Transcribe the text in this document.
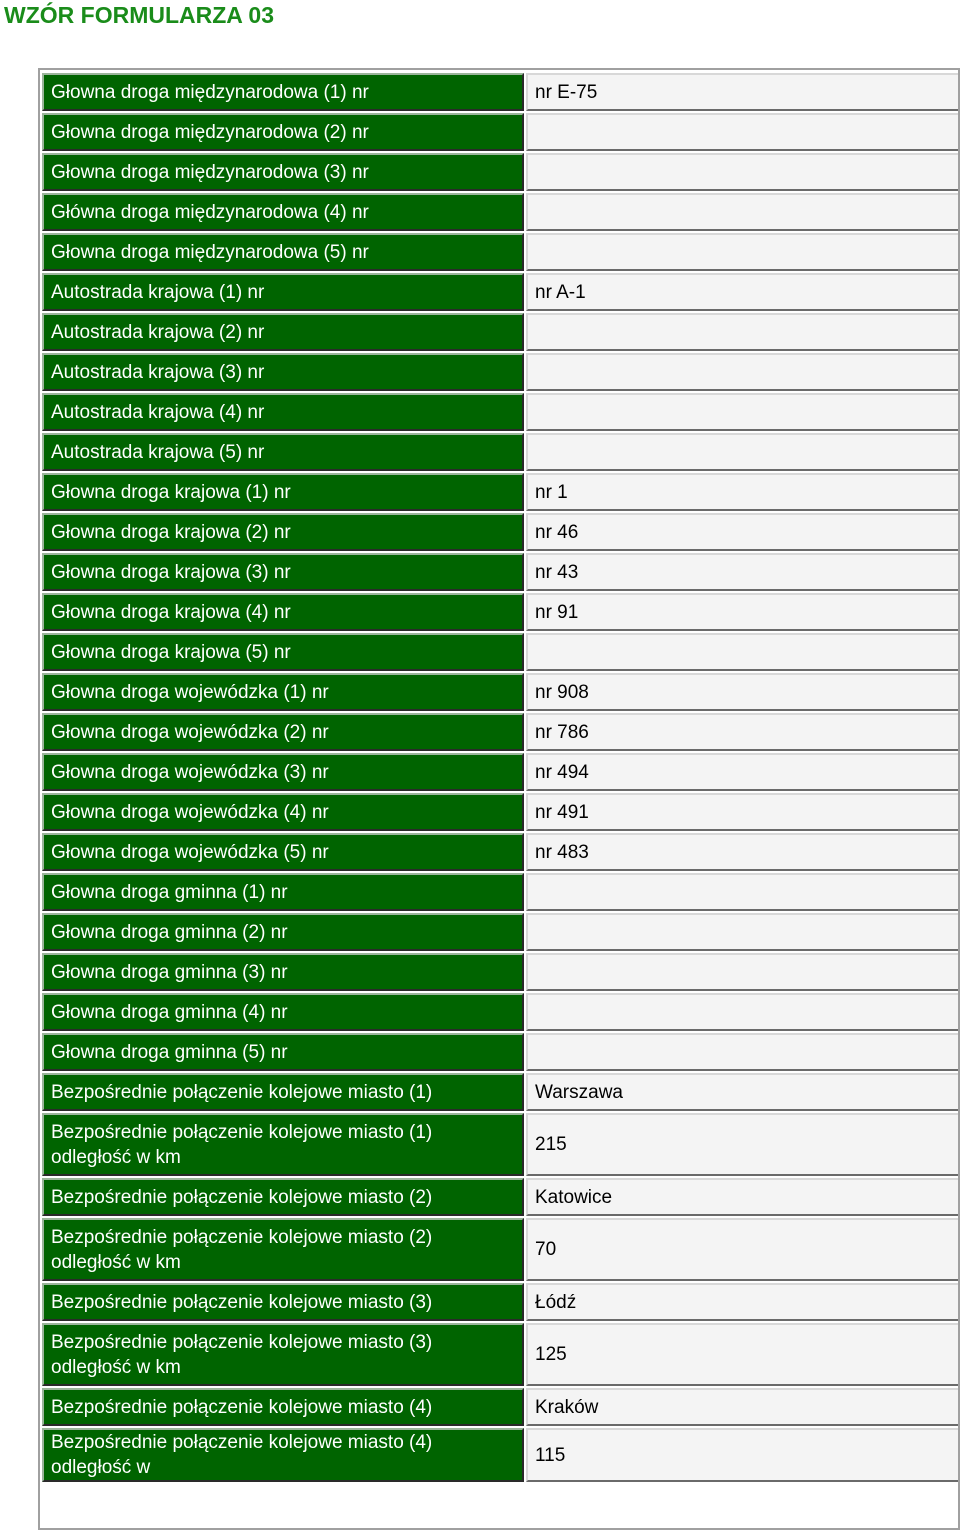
WZÓR FORMULARZA 03
Głowna droga międzynarodowa (1) nr	nr E-75
Głowna droga międzynarodowa (2) nr	
Głowna droga międzynarodowa (3) nr	
Główna droga międzynarodowa (4) nr	
Głowna droga międzynarodowa (5) nr	
Autostrada krajowa (1) nr	nr A-1
Autostrada krajowa (2) nr	
Autostrada krajowa (3) nr	
Autostrada krajowa (4) nr	
Autostrada krajowa (5) nr	
Głowna droga krajowa (1) nr	nr 1
Głowna droga krajowa (2) nr	nr 46
Głowna droga krajowa (3) nr	nr 43
Głowna droga krajowa (4) nr	nr 91
Głowna droga krajowa (5) nr	
Głowna droga wojewódzka (1) nr	nr 908
Głowna droga wojewódzka (2) nr	nr 786
Głowna droga wojewódzka (3) nr	nr 494
Głowna droga wojewódzka (4) nr	nr 491
Głowna droga wojewódzka (5) nr	nr 483
Głowna droga gminna (1) nr	
Głowna droga gminna (2) nr	
Głowna droga gminna (3) nr	
Głowna droga gminna (4) nr	
Głowna droga gminna (5) nr	
Bezpośrednie połączenie kolejowe miasto (1)	Warszawa
Bezpośrednie połączenie kolejowe miasto (1) odległość w km	215
Bezpośrednie połączenie kolejowe miasto (2)	Katowice
Bezpośrednie połączenie kolejowe miasto (2) odległość w km	70
Bezpośrednie połączenie kolejowe miasto (3)	Łódź
Bezpośrednie połączenie kolejowe miasto (3) odległość w km	125
Bezpośrednie połączenie kolejowe miasto (4)	Kraków
Bezpośrednie połączenie kolejowe miasto (4) odległość w	115
